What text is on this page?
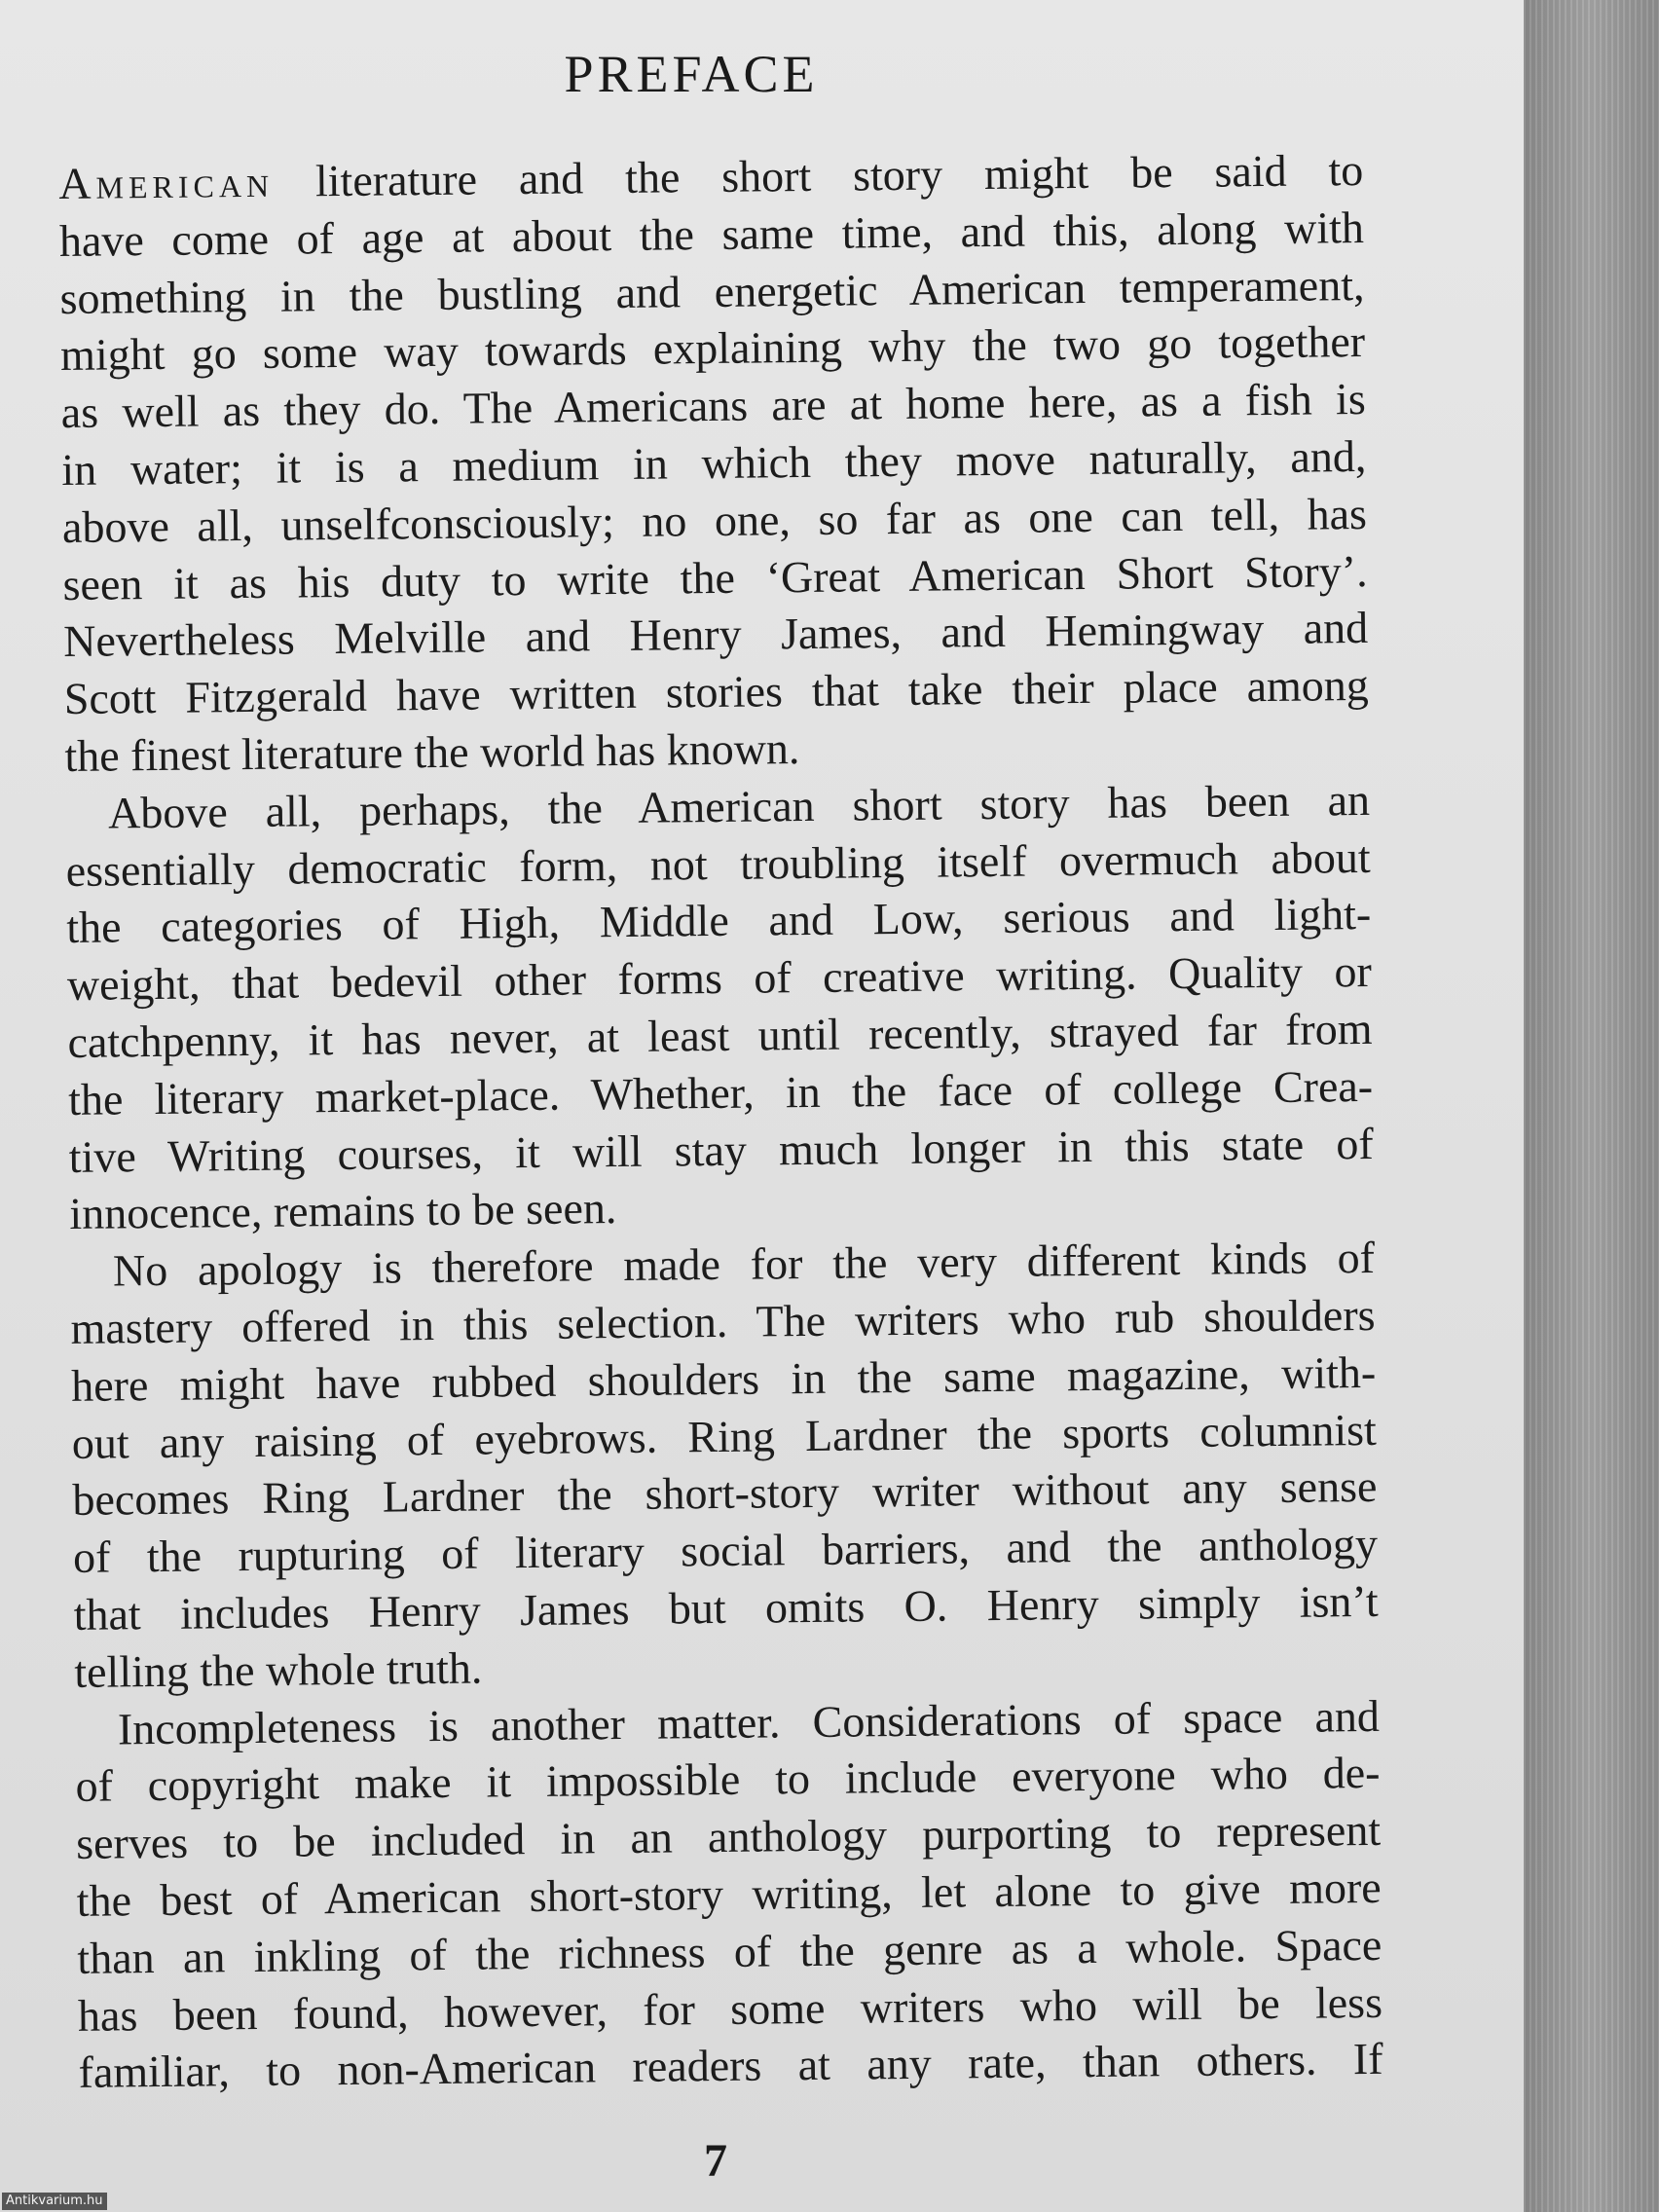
PREFACE
American literature and the short story might be said to
have come of age at about the same time, and this, along with
something in the bustling and energetic American temperament,
might go some way towards explaining why the two go together
as well as they do. The Americans are at home here, as a fish is
in water; it is a medium in which they move naturally, and,
above all, unselfconsciously; no one, so far as one can tell, has
seen it as his duty to write the ‘Great American Short Story’.
Nevertheless Melville and Henry James, and Hemingway and
Scott Fitzgerald have written stories that take their place among
the finest literature the world has known.
Above all, perhaps, the American short story has been an
essentially democratic form, not troubling itself overmuch about
the categories of High, Middle and Low, serious and light-
weight, that bedevil other forms of creative writing. Quality or
catchpenny, it has never, at least until recently, strayed far from
the literary market-place. Whether, in the face of college Crea-
tive Writing courses, it will stay much longer in this state of
innocence, remains to be seen.
No apology is therefore made for the very different kinds of
mastery offered in this selection. The writers who rub shoulders
here might have rubbed shoulders in the same magazine, with-
out any raising of eyebrows. Ring Lardner the sports columnist
becomes Ring Lardner the short-story writer without any sense
of the rupturing of literary social barriers, and the anthology
that includes Henry James but omits O. Henry simply isn’t
telling the whole truth.
Incompleteness is another matter. Considerations of space and
of copyright make it impossible to include everyone who de-
serves to be included in an anthology purporting to represent
the best of American short-story writing, let alone to give more
than an inkling of the richness of the genre as a whole. Space
has been found, however, for some writers who will be less
familiar, to non-American readers at any rate, than others. If
7
Antikvarium.hu
